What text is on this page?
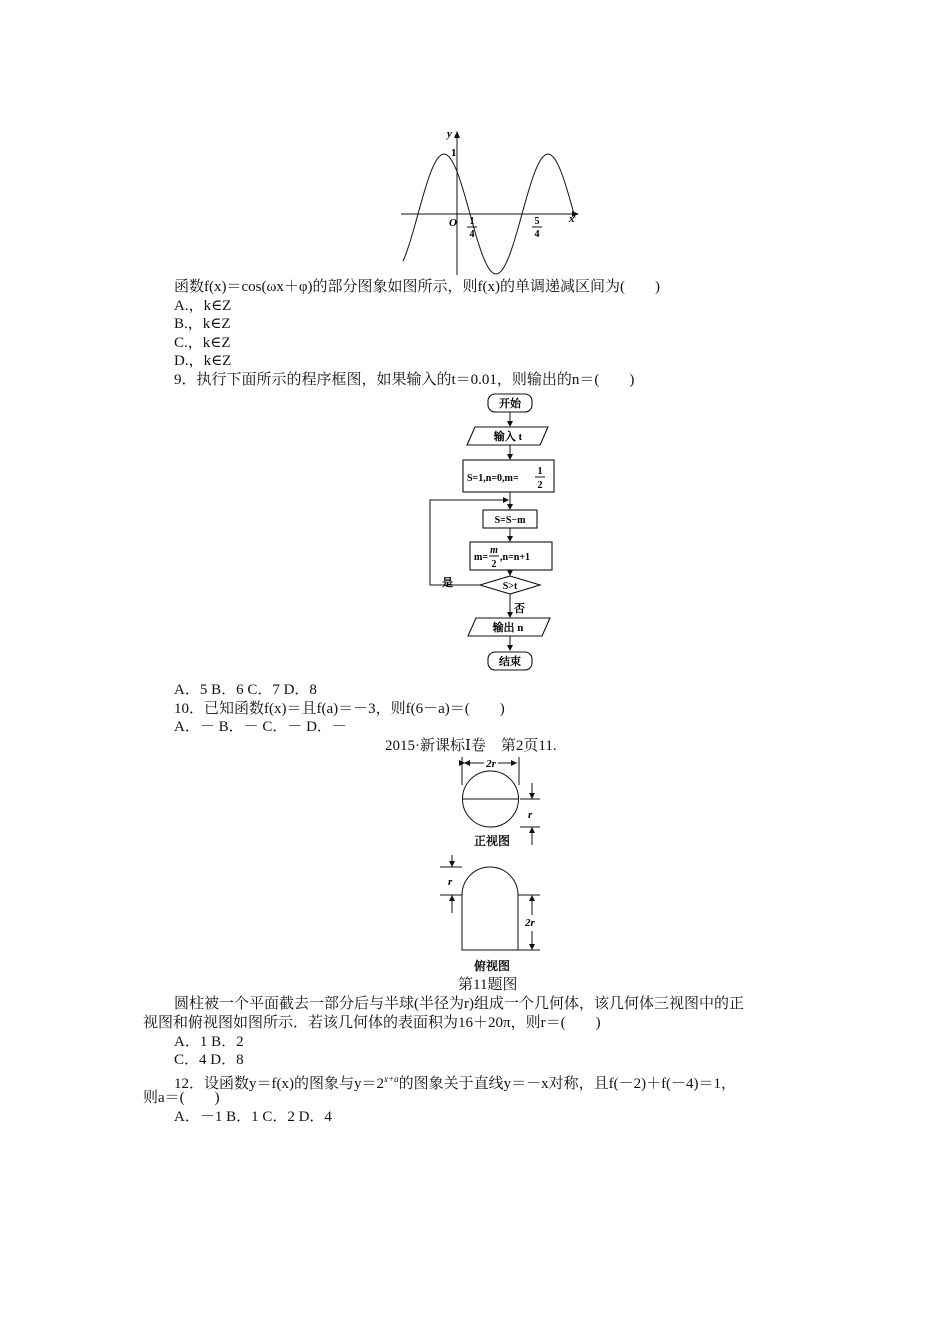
y
x
1
O 1
4
5
4
函数f(x)＝cos(ωx＋φ)的部分图象如图所示，则f(x)的单调递减区间为(　　)
A.，k∈Z
B.，k∈Z
C.，k∈Z
D.，k∈Z
9．执行下面所示的程序框图，如果输入的t＝0.01，则输出的n＝(　　)
开始
输入 t
S=1,n=0,m=
1
2
是
S=S−m
m=
m
2
,n=n+1
S>t
否
输出 n
结束
A．5 B．6 C．7 D．8
10．已知函数f(x)＝且f(a)＝－3，则f(6－a)＝(　　)
A．－ B．－ C．－ D．－
2015·新课标Ⅰ卷　第2页11.
2r
r
正视图
r
2r
俯视图
第11题图
圆柱被一个平面截去一部分后与半球(半径为r)组成一个几何体，该几何体三视图中的正
视图和俯视图如图所示．若该几何体的表面积为16＋20π，则r＝(　　)
A．1 B．2
C．4 D．8
12．设函数y＝f(x)的图象与$y=2^{x+a}$的图象关于直线y＝－x对称，且f(－2)＋f(－4)＝1，
则a＝(　　)
A．－1 B．1 C．2 D．4
